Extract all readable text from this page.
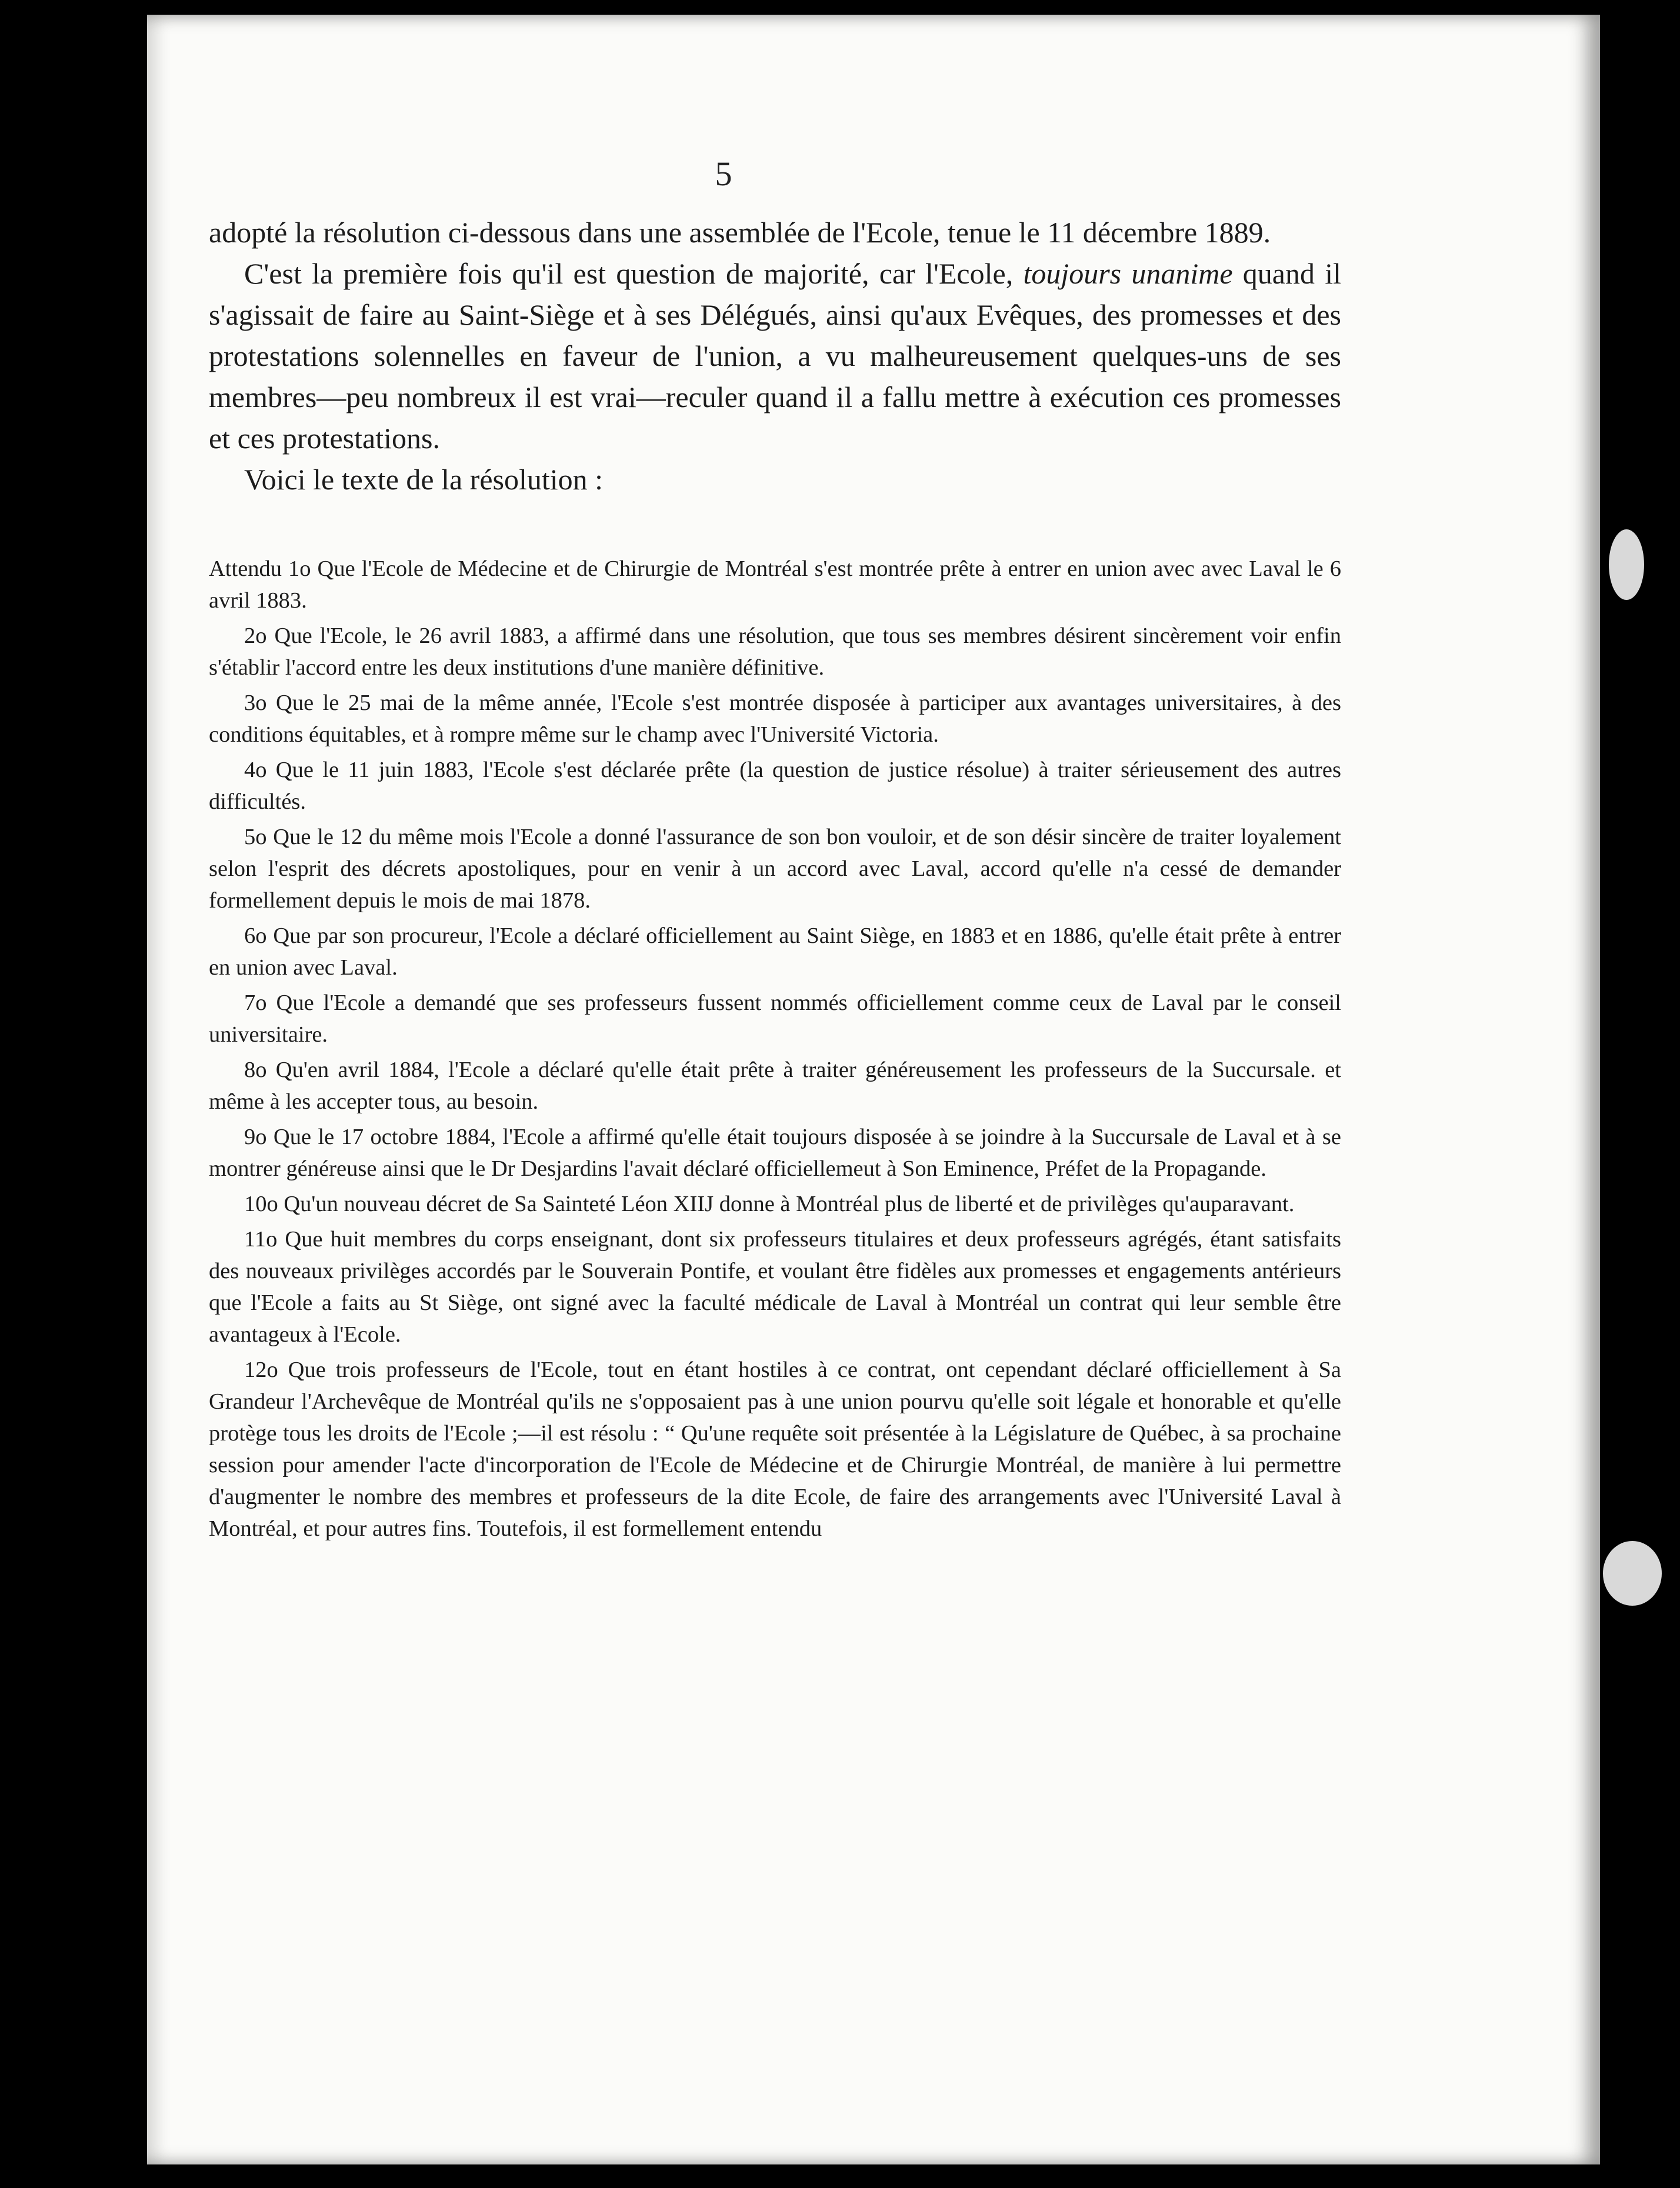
5

adopté la résolution ci-dessous dans une assemblée de l'Ecole, tenue le 11 décembre 1889.

C'est la première fois qu'il est question de majorité, car l'Ecole, toujours unanime quand il s'agissait de faire au Saint-Siège et à ses Délégués, ainsi qu'aux Evêques, des promesses et des protestations solennelles en faveur de l'union, a vu malheureusement quelques-uns de ses membres—peu nombreux il est vrai—reculer quand il a fallu mettre à exécution ces promesses et ces protestations.

Voici le texte de la résolution :

Attendu 1o Que l'Ecole de Médecine et de Chirurgie de Montréal s'est montrée prête à entrer en union avec avec Laval le 6 avril 1883.

2o Que l'Ecole, le 26 avril 1883, a affirmé dans une résolution, que tous ses membres désirent sincèrement voir enfin s'établir l'accord entre les deux institutions d'une manière définitive.

3o Que le 25 mai de la même année, l'Ecole s'est montrée disposée à participer aux avantages universitaires, à des conditions équitables, et à rompre même sur le champ avec l'Université Victoria.

4o Que le 11 juin 1883, l'Ecole s'est déclarée prête (la question de justice résolue) à traiter sérieusement des autres difficultés.

5o Que le 12 du même mois l'Ecole a donné l'assurance de son bon vouloir, et de son désir sincère de traiter loyalement selon l'esprit des décrets apostoliques, pour en venir à un accord avec Laval, accord qu'elle n'a cessé de demander formellement depuis le mois de mai 1878.

6o Que par son procureur, l'Ecole a déclaré officiellement au Saint Siège, en 1883 et en 1886, qu'elle était prête à entrer en union avec Laval.

7o Que l'Ecole a demandé que ses professeurs fussent nommés officiellement comme ceux de Laval par le conseil universitaire.

8o Qu'en avril 1884, l'Ecole a déclaré qu'elle était prête à traiter généreusement les professeurs de la Succursale. et même à les accepter tous, au besoin.

9o Que le 17 octobre 1884, l'Ecole a affirmé qu'elle était toujours disposée à se joindre à la Succursale de Laval et à se montrer généreuse ainsi que le Dr Desjardins l'avait déclaré officiellemeut à Son Eminence, Préfet de la Propagande.

10o Qu'un nouveau décret de Sa Sainteté Léon XIIJ donne à Montréal plus de liberté et de privilèges qu'auparavant.

11o Que huit membres du corps enseignant, dont six professeurs titulaires et deux professeurs agrégés, étant satisfaits des nouveaux privilèges accordés par le Souverain Pontife, et voulant être fidèles aux promesses et engagements antérieurs que l'Ecole a faits au St Siège, ont signé avec la faculté médicale de Laval à Montréal un contrat qui leur semble être avantageux à l'Ecole.

12o Que trois professeurs de l'Ecole, tout en étant hostiles à ce contrat, ont cependant déclaré officiellement à Sa Grandeur l'Archevêque de Montréal qu'ils ne s'opposaient pas à une union pourvu qu'elle soit légale et honorable et qu'elle protège tous les droits de l'Ecole ;—il est résolu : “ Qu'une requête soit présentée à la Législature de Québec, à sa prochaine session pour amender l'acte d'incorporation de l'Ecole de Médecine et de Chirurgie Montréal, de manière à lui permettre d'augmenter le nombre des membres et professeurs de la dite Ecole, de faire des arrangements avec l'Université Laval à Montréal, et pour autres fins. Toutefois, il est formellement entendu
